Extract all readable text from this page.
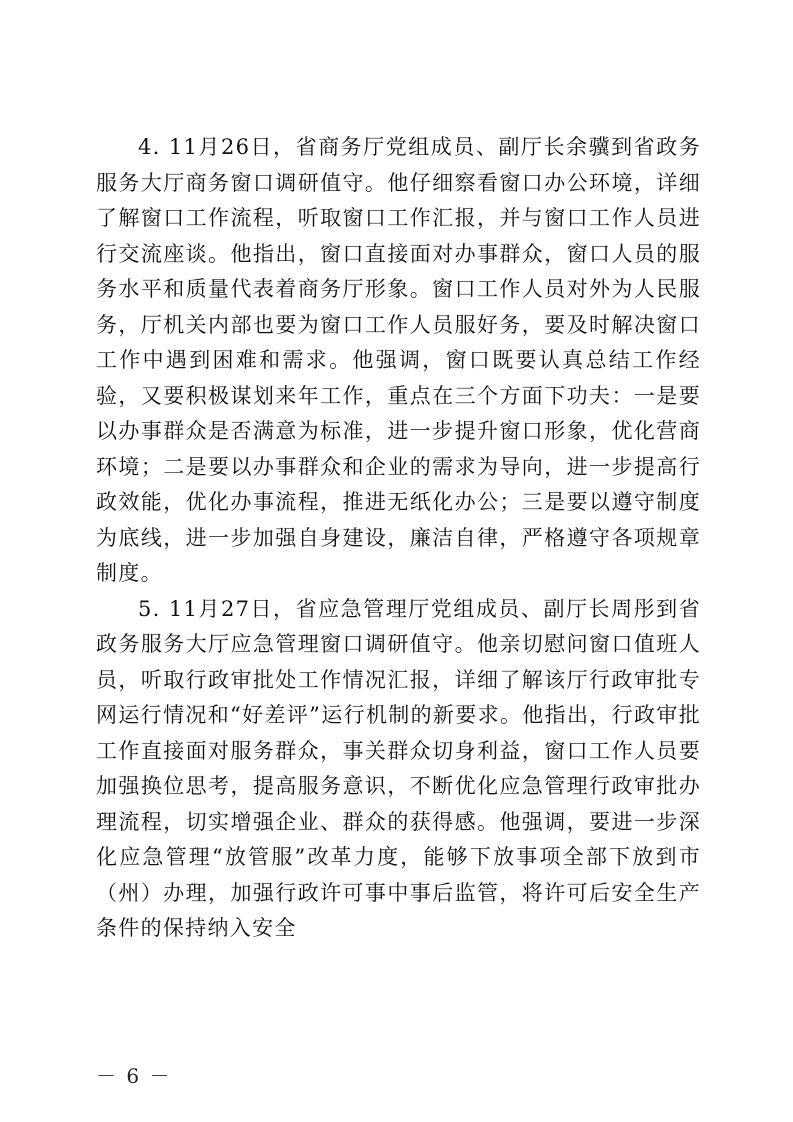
4. 11月26日，省商务厅党组成员、副厅长余骥到省政务服务大厅商务窗口调研值守。他仔细察看窗口办公环境，详细了解窗口工作流程，听取窗口工作汇报，并与窗口工作人员进行交流座谈。他指出，窗口直接面对办事群众，窗口人员的服务水平和质量代表着商务厅形象。窗口工作人员对外为人民服务，厅机关内部也要为窗口工作人员服好务，要及时解决窗口工作中遇到困难和需求。他强调，窗口既要认真总结工作经验，又要积极谋划来年工作，重点在三个方面下功夫：一是要以办事群众是否满意为标准，进一步提升窗口形象，优化营商环境；二是要以办事群众和企业的需求为导向，进一步提高行政效能，优化办事流程，推进无纸化办公；三是要以遵守制度为底线，进一步加强自身建设，廉洁自律，严格遵守各项规章制度。

5. 11月27日，省应急管理厅党组成员、副厅长周彤到省政务服务大厅应急管理窗口调研值守。他亲切慰问窗口值班人员，听取行政审批处工作情况汇报，详细了解该厅行政审批专网运行情况和“好差评”运行机制的新要求。他指出，行政审批工作直接面对服务群众，事关群众切身利益，窗口工作人员要加强换位思考，提高服务意识，不断优化应急管理行政审批办理流程，切实增强企业、群众的获得感。他强调，要进一步深化应急管理“放管服”改革力度，能够下放事项全部下放到市（州）办理，加强行政许可事中事后监管，将许可后安全生产条件的保持纳入安全

－ 6 －
